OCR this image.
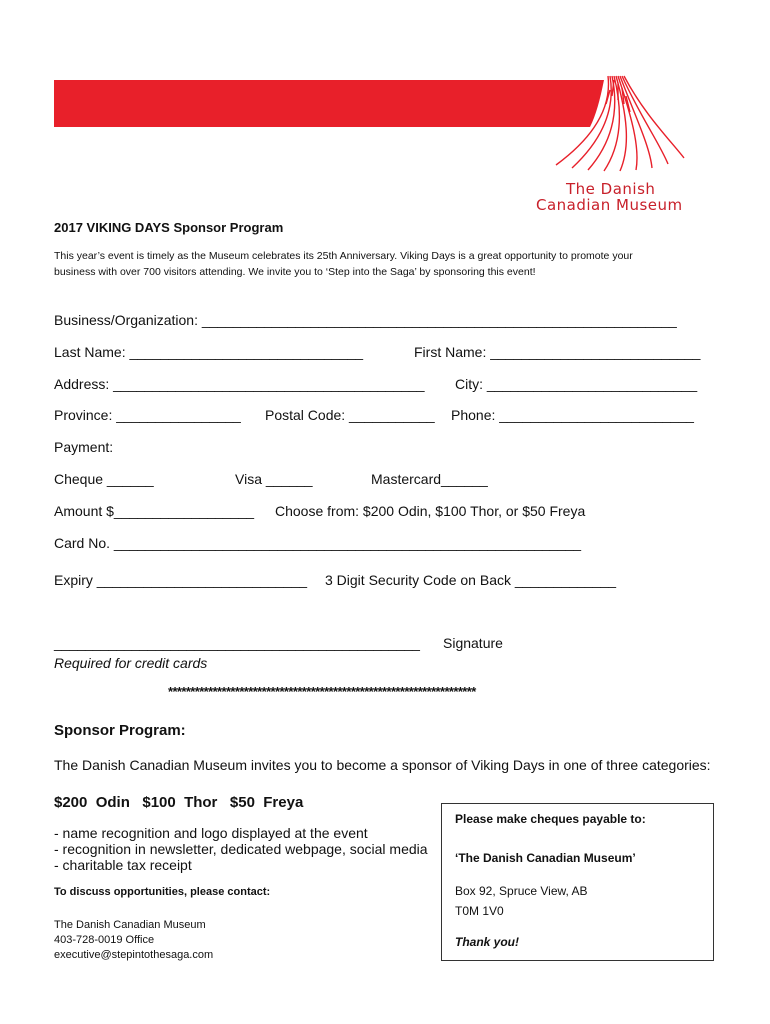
The Danish
Canadian Museum
2017 VIKING DAYS Sponsor Program
This year’s event is timely as the Museum celebrates its 25th Anniversary. Viking Days is a great opportunity to promote your
business with over 700 visitors attending. We invite you to ‘Step into the Saga’ by sponsoring this event!
Business/Organization: _____________________________________________________________
Last Name: ______________________________	First Name: ___________________________
Address: ________________________________________ City: ___________________________
Province: ________________ Postal Code: ___________ Phone: _________________________
Payment:
Cheque ______	Visa ______	Mastercard______
Amount $__________________ Choose from: $200 Odin, $100 Thor, or $50 Freya
Card No. ____________________________________________________________
Expiry ___________________________ 3 Digit Security Code on Back _____________
_______________________________________________ Signature
Required for credit cards
*********************************************************************
Sponsor Program:
The Danish Canadian Museum invites you to become a sponsor of Viking Days in one of three categories:
$200  Odin   $100  Thor   $50  Freya
- name recognition and logo displayed at the event
- recognition in newsletter, dedicated webpage, social media
- charitable tax receipt
To discuss opportunities, please contact:
The Danish Canadian Museum
403-728-0019 Office
executive@stepintothesaga.com
Please make cheques payable to:
‘The Danish Canadian Museum’
Box 92, Spruce View, AB
T0M 1V0
Thank you!
